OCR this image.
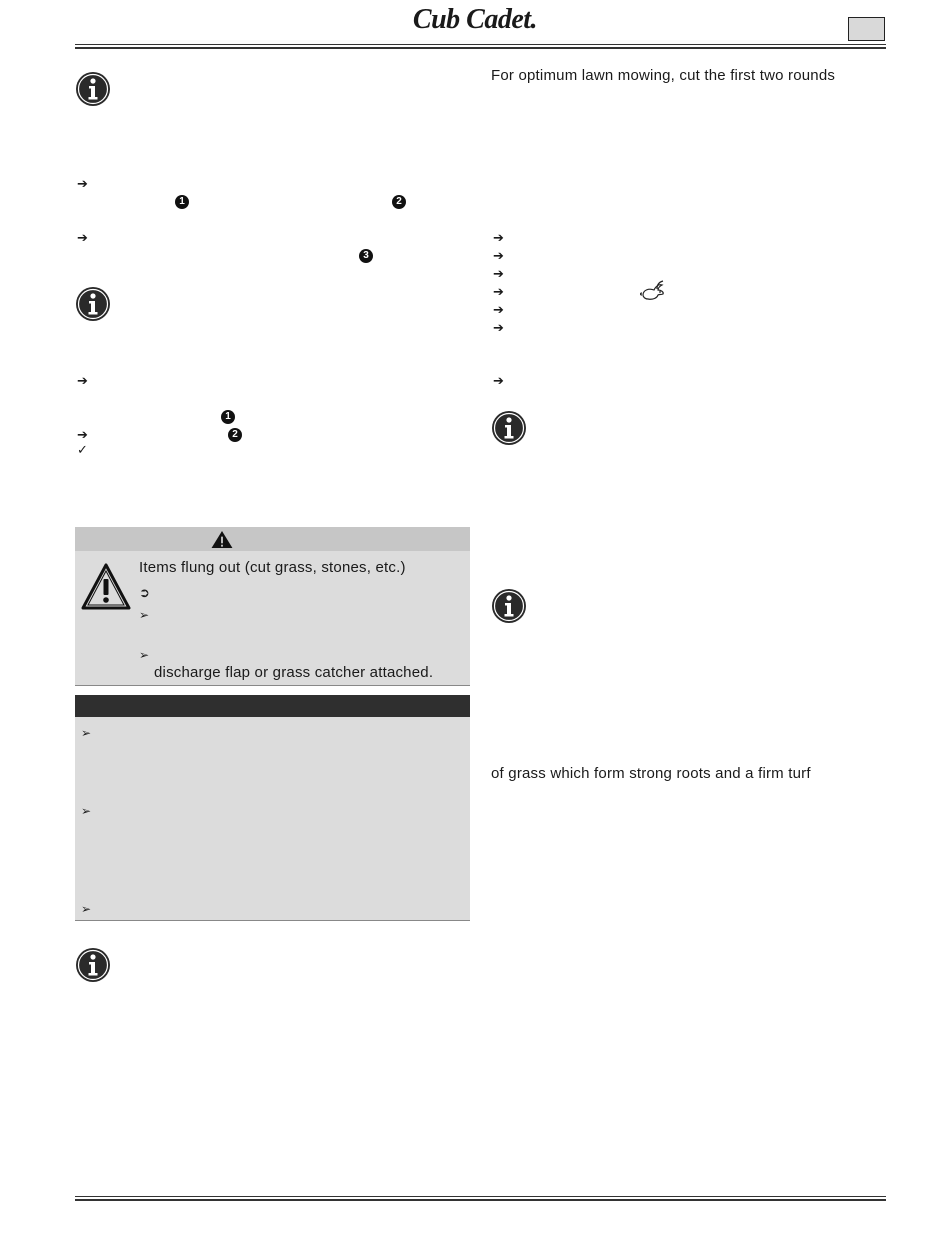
Cub Cadet.
➔
1	2
➔
3
➔
1
➔	2
✓
Items flung out (cut grass, stones, etc.)
➲
➢
➢
discharge flap or grass catcher attached.
➢
➢
➢
For optimum lawn mowing, cut the first two rounds
➔
➔
➔
➔
➔
➔
➔
of grass which form strong roots and a firm turf
